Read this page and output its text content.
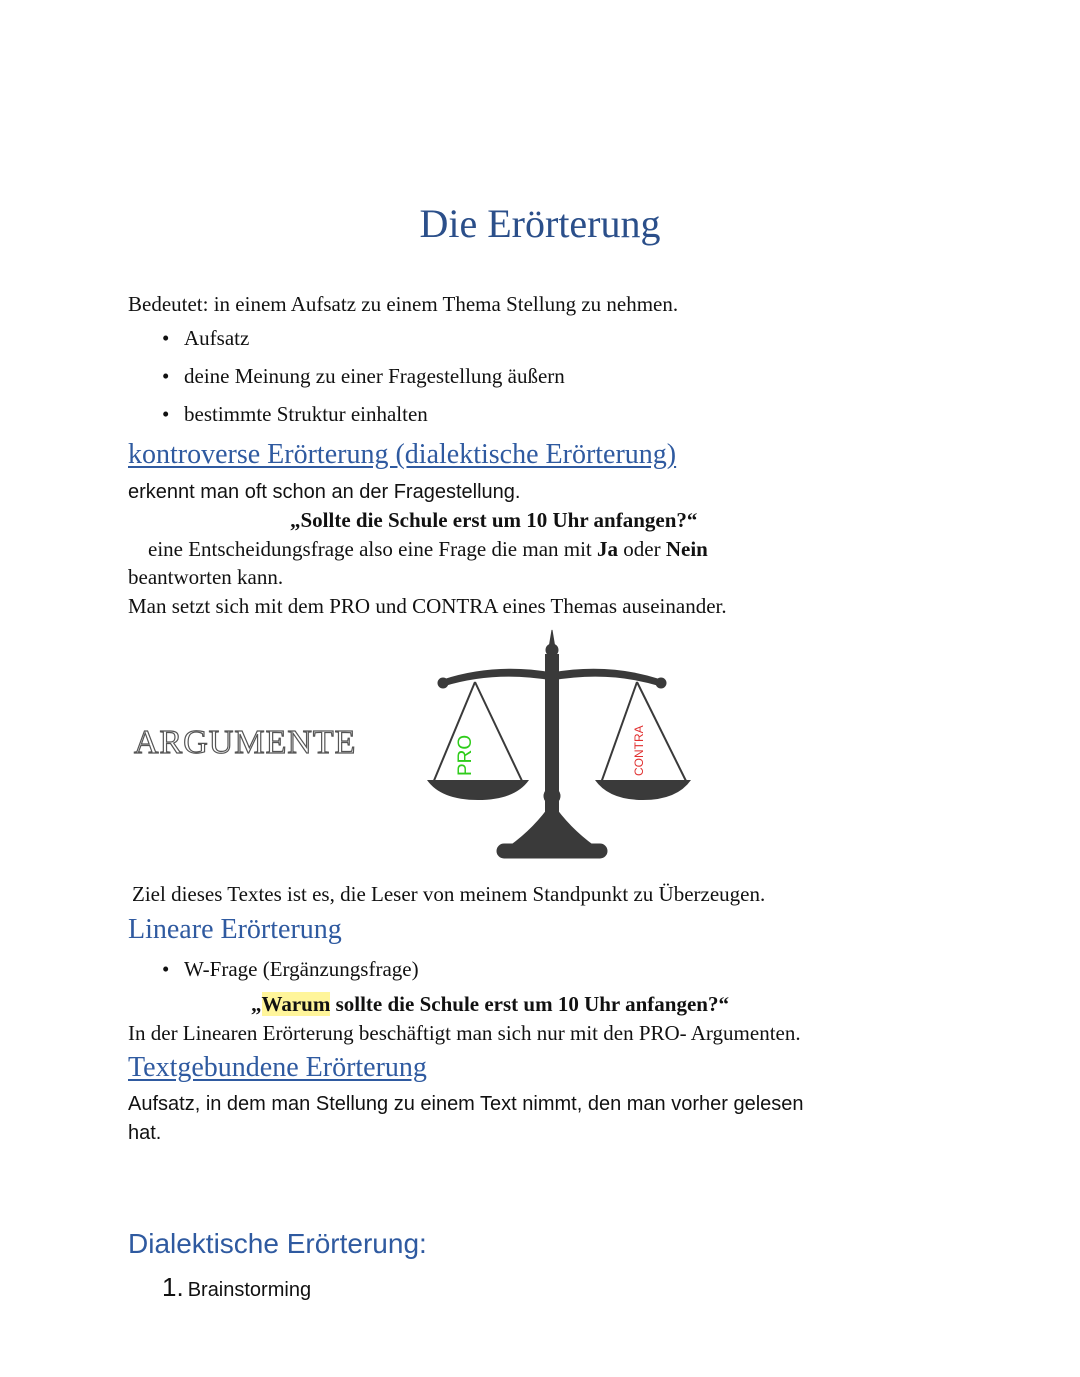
Die Erörterung
Bedeutet: in einem Aufsatz zu einem Thema Stellung zu nehmen.
• Aufsatz
• deine Meinung zu einer Fragestellung äußern
• bestimmte Struktur einhalten
kontroverse Erörterung (dialektische Erörterung)
erkennt man oft schon an der Fragestellung.
„Sollte die Schule erst um 10 Uhr anfangen?“
eine Entscheidungsfrage also eine Frage die man mit Ja oder Nein
beantworten kann.
Man setzt sich mit dem PRO und CONTRA eines Themas auseinander.
ARGUMENTE	PRO	CONTRA
Ziel dieses Textes ist es, die Leser von meinem Standpunkt zu Überzeugen.
Lineare Erörterung
• W-Frage (Ergänzungsfrage)
„Warum sollte die Schule erst um 10 Uhr anfangen?“
In der Linearen Erörterung beschäftigt man sich nur mit den PRO- Argumenten.
Textgebundene Erörterung
Aufsatz, in dem man Stellung zu einem Text nimmt, den man vorher gelesen
hat.
Dialektische Erörterung:
1. Brainstorming
